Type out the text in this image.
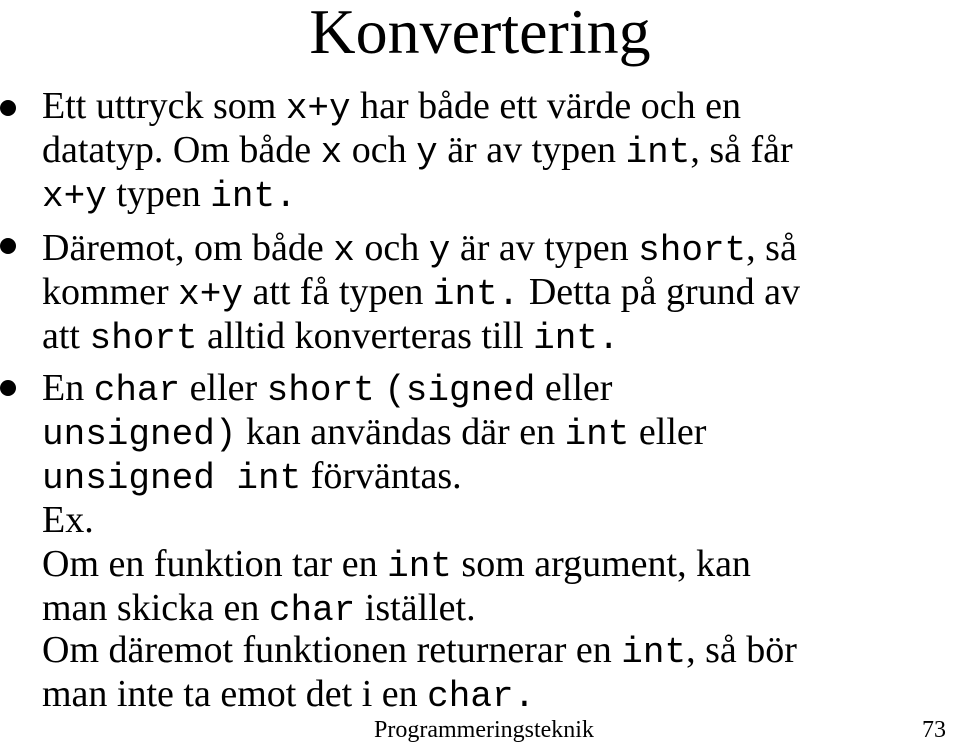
Konvertering
Ett uttryck som x+y har både ett värde och en
datatyp. Om både x och y är av typen int, så får
x+y typen int.
Däremot, om både x och y är av typen short, så
kommer x+y att få typen int. Detta på grund av
att short alltid konverteras till int.
En char eller short (signed eller
unsigned) kan användas där en int eller
unsigned int förväntas.
Ex.
Om en funktion tar en int som argument, kan
man skicka en char istället.
Om däremot funktionen returnerar en int, så bör
man inte ta emot det i en char.
Programmeringsteknik	73
